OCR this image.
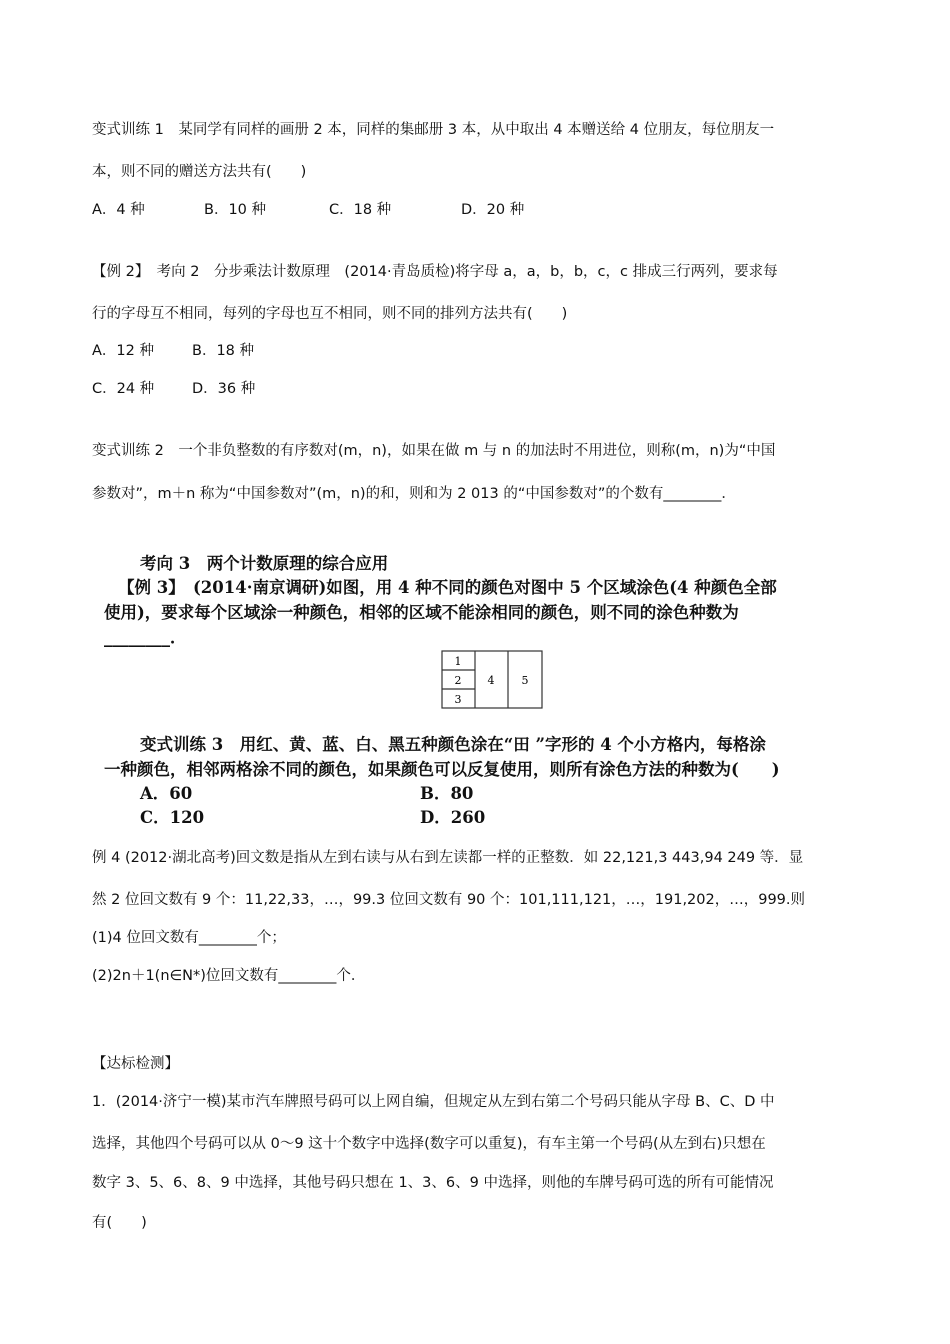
变式训练 1　某同学有同样的画册 2 本，同样的集邮册 3 本，从中取出 4 本赠送给 4 位朋友，每位朋友一
本，则不同的赠送方法共有(　　)
A．4 种	B．10 种	C．18 种	D．20 种
【例 2】　考向 2　分步乘法计数原理　(2014·青岛质检)将字母 a，a，b，b，c，c 排成三行两列，要求每
行的字母互不相同，每列的字母也互不相同，则不同的排列方法共有(　　)
A．12 种	B．18 种
C．24 种	D．36 种
变式训练 2　一个非负整数的有序数对(m，n)，如果在做 m 与 n 的加法时不用进位，则称(m，n)为“中国
参数对”，m＋n 称为“中国参数对”(m，n)的和，则和为 2 013 的“中国参数对”的个数有________．
考向 3　两个计数原理的综合应用
【例 3】　(2014·南京调研)如图，用 4 种不同的颜色对图中 5 个区域涂色(4 种颜色全部
使用)，要求每个区域涂一种颜色，相邻的区域不能涂相同的颜色，则不同的涂色种数为
________．
1
2
3
4 5
变式训练 3　用红、黄、蓝、白、黑五种颜色涂在“田 ”字形的 4 个小方格内，每格涂
一种颜色，相邻两格涂不同的颜色，如果颜色可以反复使用，则所有涂色方法的种数为(　　)
A．60	B．80
C．120	D．260
例 4 (2012·湖北高考)回文数是指从左到右读与从右到左读都一样的正整数．如 22,121,3 443,94 249 等．显
然 2 位回文数有 9 个：11,22,33，…，99.3 位回文数有 90 个：101,111,121，…，191,202，…，999.则
(1)4 位回文数有________个；
(2)2n＋1(n∈N*)位回文数有________个．
【达标检测】
1．(2014·济宁一模)某市汽车牌照号码可以上网自编，但规定从左到右第二个号码只能从字母 B、C、D 中
选择，其他四个号码可以从 0～9 这十个数字中选择(数字可以重复)，有车主第一个号码(从左到右)只想在
数字 3、5、6、8、9 中选择，其他号码只想在 1、3、6、9 中选择，则他的车牌号码可选的所有可能情况
有(　　)
